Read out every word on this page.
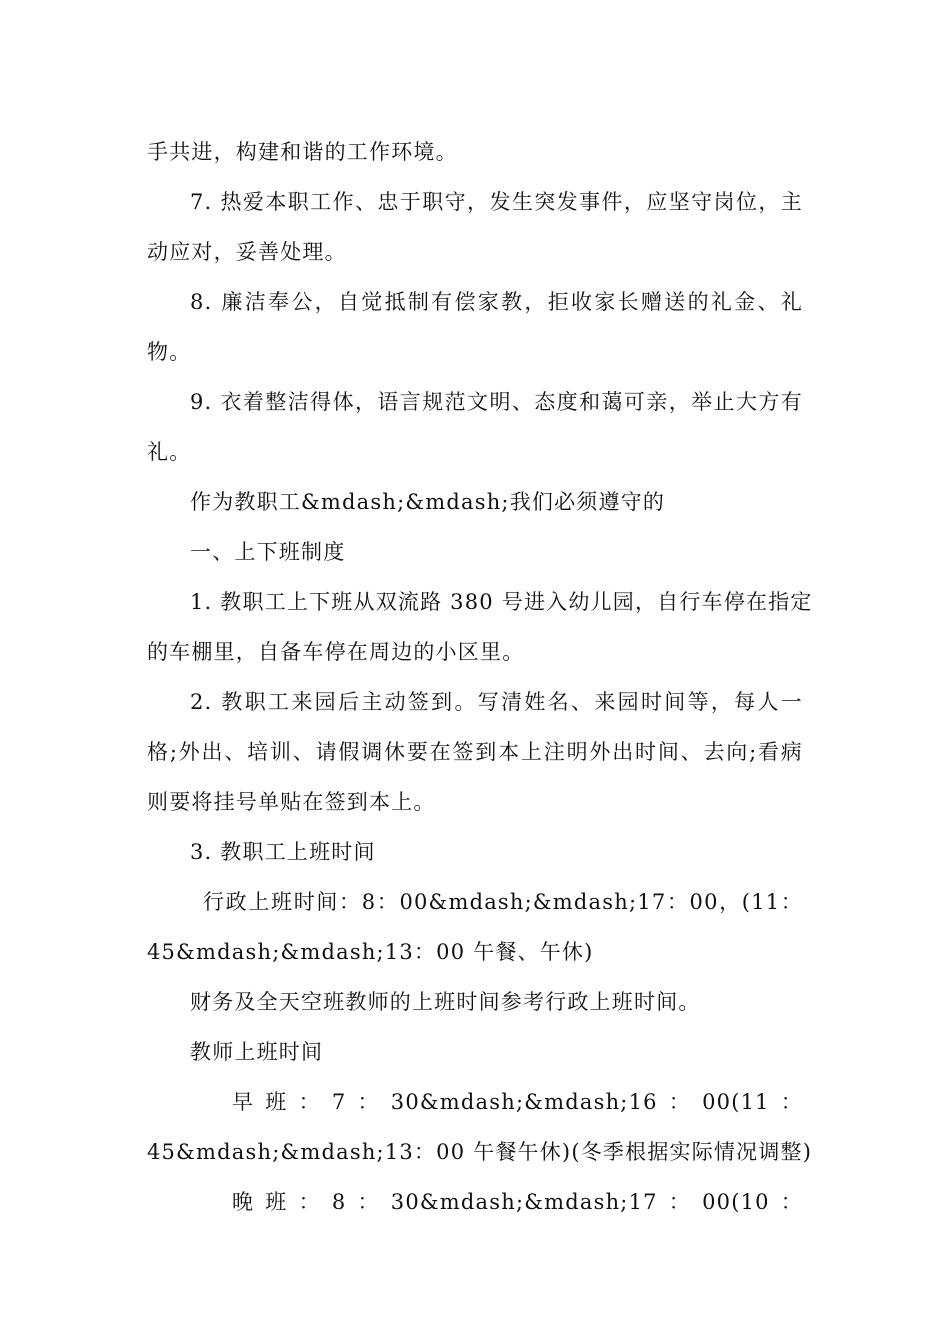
手共进，构建和谐的工作环境。
7. 热爱本职工作、忠于职守，发生突发事件，应坚守岗位，主
动应对，妥善处理。
8. 廉洁奉公，自觉抵制有偿家教，拒收家长赠送的礼金、礼
物。
9. 衣着整洁得体，语言规范文明、态度和蔼可亲，举止大方有
礼。
作为教职工&mdash;&mdash;我们必须遵守的
一、上下班制度
1. 教职工上下班从双流路 380 号进入幼儿园，自行车停在指定
的车棚里，自备车停在周边的小区里。
2. 教职工来园后主动签到。写清姓名、来园时间等，每人一
格;外出、培训、请假调休要在签到本上注明外出时间、去向;看病
则要将挂号单贴在签到本上。
3. 教职工上班时间
行政上班时间：8：00&mdash;&mdash;17：00，(11：
45&mdash;&mdash;13：00 午餐、午休)
财务及全天空班教师的上班时间参考行政上班时间。
教师上班时间
早班：7：30&mdash;&mdash;16：00(11：
45&mdash;&mdash;13：00 午餐午休)(冬季根据实际情况调整)
晚班：8：30&mdash;&mdash;17：00(10：
